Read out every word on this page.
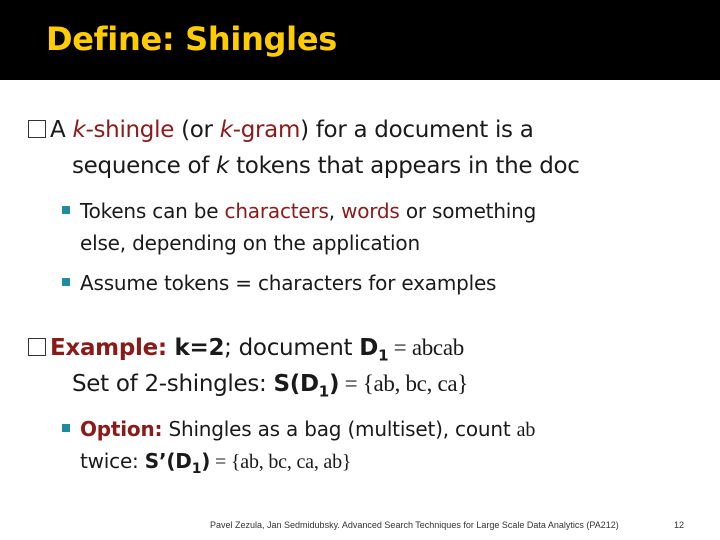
Define: Shingles
A k-shingle (or k-gram) for a document is a
sequence of k tokens that appears in the doc
Tokens can be characters, words or something
else, depending on the application
Assume tokens = characters for examples
Example: k=2; document $D_1$ = abcab
Set of 2-shingles: $S(D_1) = \{ab$, bc, ca}
Option: Shingles as a bag (multiset), count ab
twice: $S’(D_1) = \{ab$, bc, ca, ab}
Pavel Zezula, Jan Sedmidubsky. Advanced Search Techniques for Large Scale Data Analytics (PA212)	12
